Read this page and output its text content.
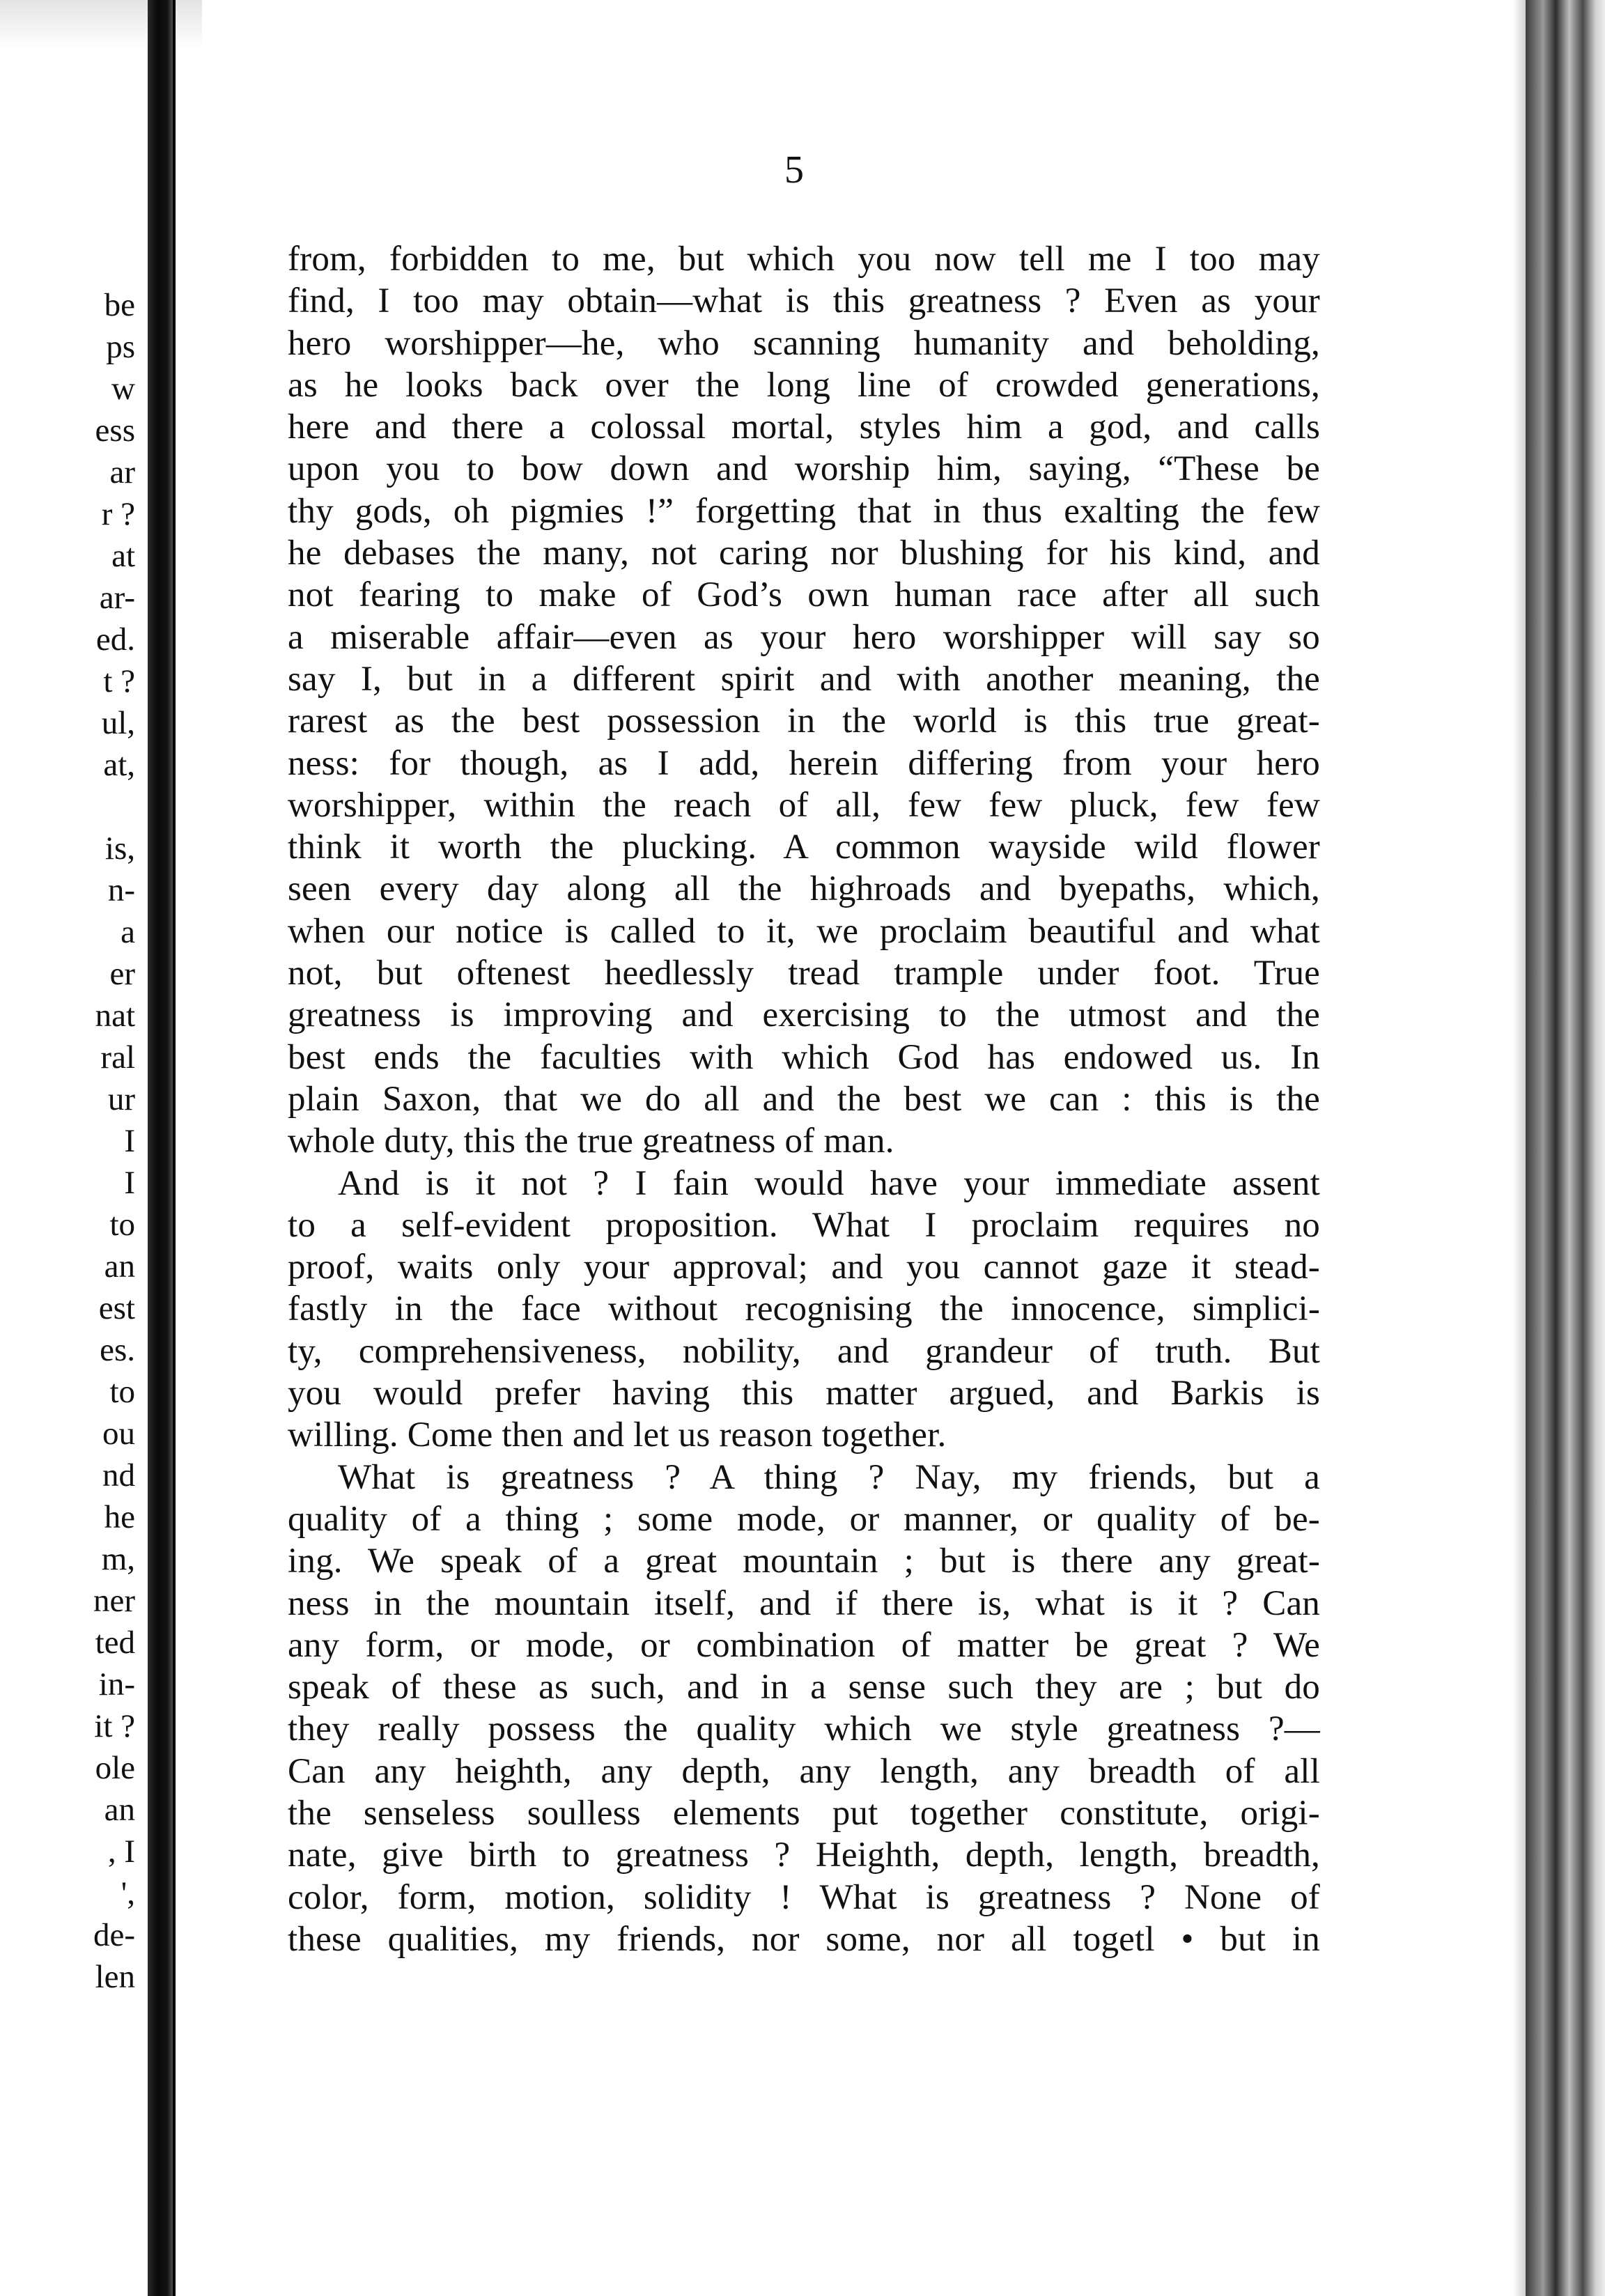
be
ps
w
ess
ar
r ?
at
ar-
ed.
t ?
ul,
at,
is,
n-
a
er
nat
ral
ur
I
I
to
an
est
es.
to
ou
nd
he
m,
ner
ted
in-
it ?
ole
an
, I
',
de-
len
5
from, forbidden to me, but which you now tell me I too may
find, I too may obtain—what is this greatness ? Even as your
hero worshipper—he, who scanning humanity and beholding,
as he looks back over the long line of crowded generations,
here and there a colossal mortal, styles him a god, and calls
upon you to bow down and worship him, saying, “These be
thy gods, oh pigmies !” forgetting that in thus exalting the few
he debases the many, not caring nor blushing for his kind, and
not fearing to make of God’s own human race after all such
a miserable affair—even as your hero worshipper will say so
say I, but in a different spirit and with another meaning, the
rarest as the best possession in the world is this true great-
ness: for though, as I add, herein differing from your hero
worshipper, within the reach of all, few few pluck, few few
think it worth the plucking. A common wayside wild flower
seen every day along all the highroads and byepaths, which,
when our notice is called to it, we proclaim beautiful and what
not, but oftenest heedlessly tread trample under foot. True
greatness is improving and exercising to the utmost and the
best ends the faculties with which God has endowed us. In
plain Saxon, that we do all and the best we can : this is the
whole duty, this the true greatness of man.
And is it not ? I fain would have your immediate assent
to a self-evident proposition. What I proclaim requires no
proof, waits only your approval; and you cannot gaze it stead-
fastly in the face without recognising the innocence, simplici-
ty, comprehensiveness, nobility, and grandeur of truth. But
you would prefer having this matter argued, and Barkis is
willing. Come then and let us reason together.
What is greatness ? A thing ? Nay, my friends, but a
quality of a thing ; some mode, or manner, or quality of be-
ing. We speak of a great mountain ; but is there any great-
ness in the mountain itself, and if there is, what is it ? Can
any form, or mode, or combination of matter be great ? We
speak of these as such, and in a sense such they are ; but do
they really possess the quality which we style greatness ?—
Can any heighth, any depth, any length, any breadth of all
the senseless soulless elements put together constitute, origi-
nate, give birth to greatness ? Heighth, depth, length, breadth,
color, form, motion, solidity ! What is greatness ? None of
these qualities, my friends, nor some, nor all togetl • but in
